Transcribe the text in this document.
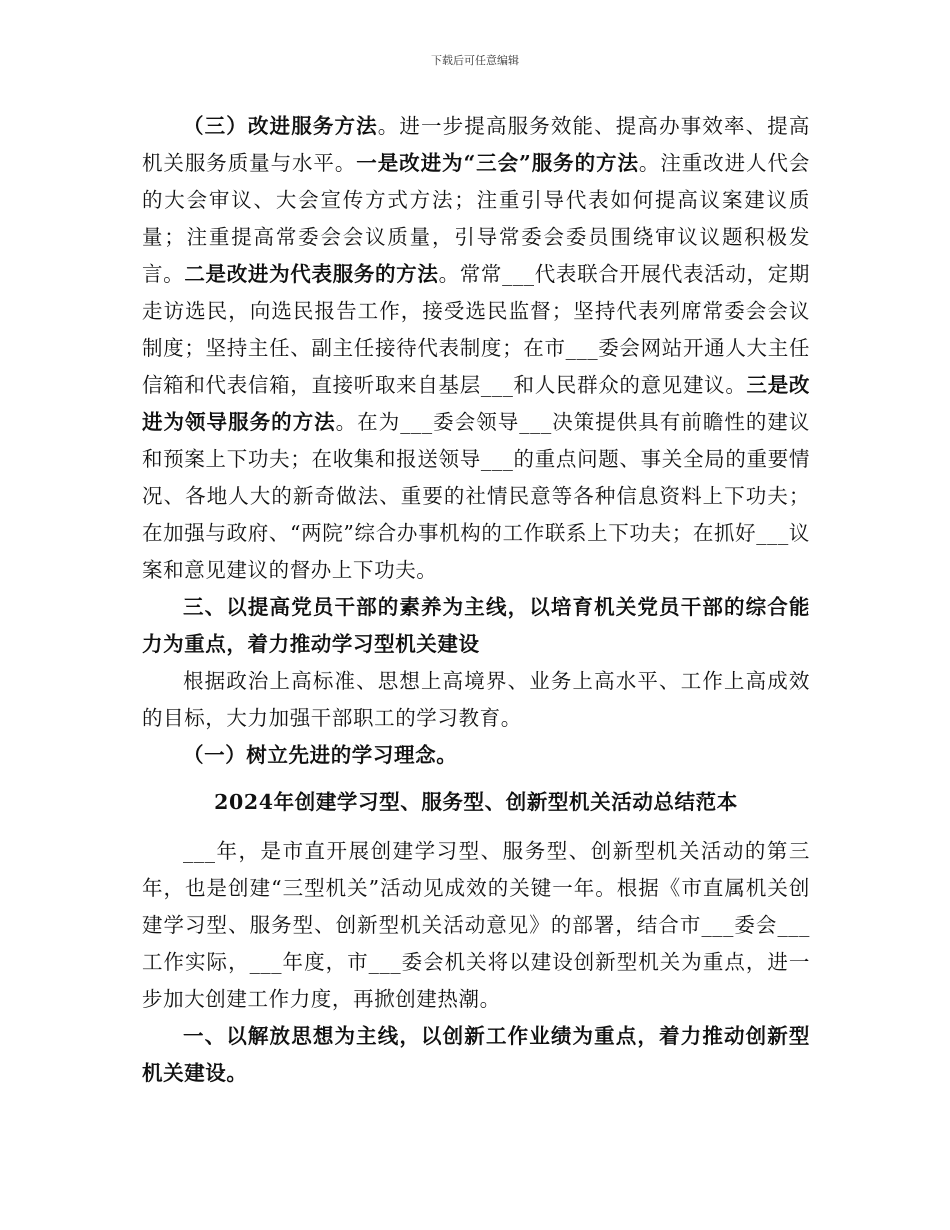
下载后可任意编辑

（三）改进服务方法。进一步提高服务效能、提高办事效率、提高机关服务质量与水平。一是改进为“三会”服务的方法。注重改进人代会的大会审议、大会宣传方式方法；注重引导代表如何提高议案建议质量；注重提高常委会会议质量，引导常委会委员围绕审议议题积极发言。二是改进为代表服务的方法。常常___代表联合开展代表活动，定期走访选民，向选民报告工作，接受选民监督；坚持代表列席常委会会议制度；坚持主任、副主任接待代表制度；在市___委会网站开通人大主任信箱和代表信箱，直接听取来自基层___和人民群众的意见建议。三是改进为领导服务的方法。在为___委会领导___决策提供具有前瞻性的建议和预案上下功夫；在收集和报送领导___的重点问题、事关全局的重要情况、各地人大的新奇做法、重要的社情民意等各种信息资料上下功夫；在加强与政府、“两院”综合办事机构的工作联系上下功夫；在抓好___议案和意见建议的督办上下功夫。

三、以提高党员干部的素养为主线，以培育机关党员干部的综合能力为重点，着力推动学习型机关建设

根据政治上高标准、思想上高境界、业务上高水平、工作上高成效的目标，大力加强干部职工的学习教育。

（一）树立先进的学习理念。

2024年创建学习型、服务型、创新型机关活动总结范本

___年，是市直开展创建学习型、服务型、创新型机关活动的第三年，也是创建“三型机关”活动见成效的关键一年。根据《市直属机关创建学习型、服务型、创新型机关活动意见》的部署，结合市___委会___工作实际，___年度，市___委会机关将以建设创新型机关为重点，进一步加大创建工作力度，再掀创建热潮。

一、以解放思想为主线，以创新工作业绩为重点，着力推动创新型机关建设。
